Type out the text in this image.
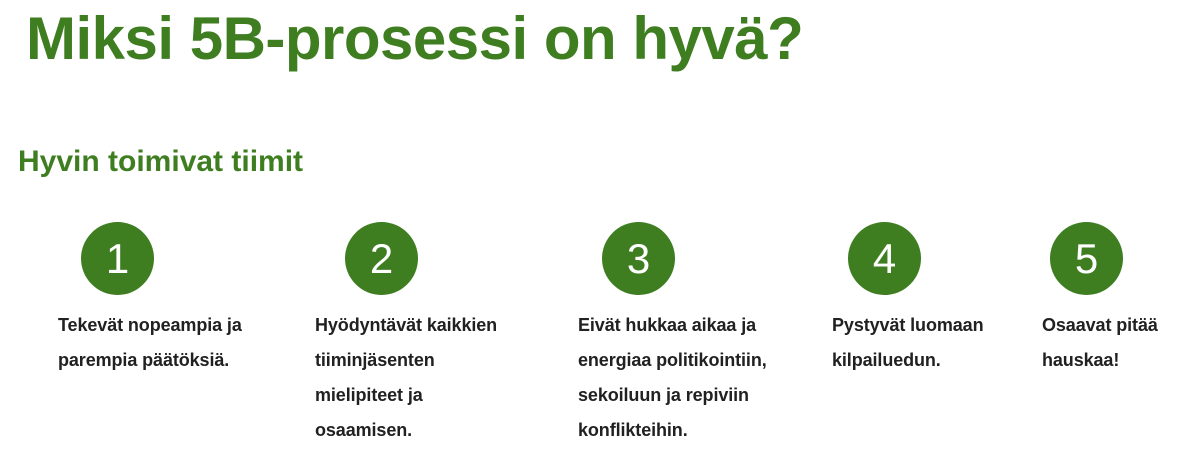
Miksi 5B-prosessi on hyvä?
Hyvin toimivat tiimit
1

Tekevät nopeampia ja parempia päätöksiä.

2

Hyödyntävät kaikkien tiiminjäsenten mielipiteet ja osaamisen.

3

Eivät hukkaa aikaa ja energiaa politikointiin, sekoiluun ja repiviin konflikteihin.

4

Pystyvät luomaan kilpailuedun.

5

Osaavat pitää hauskaa!
